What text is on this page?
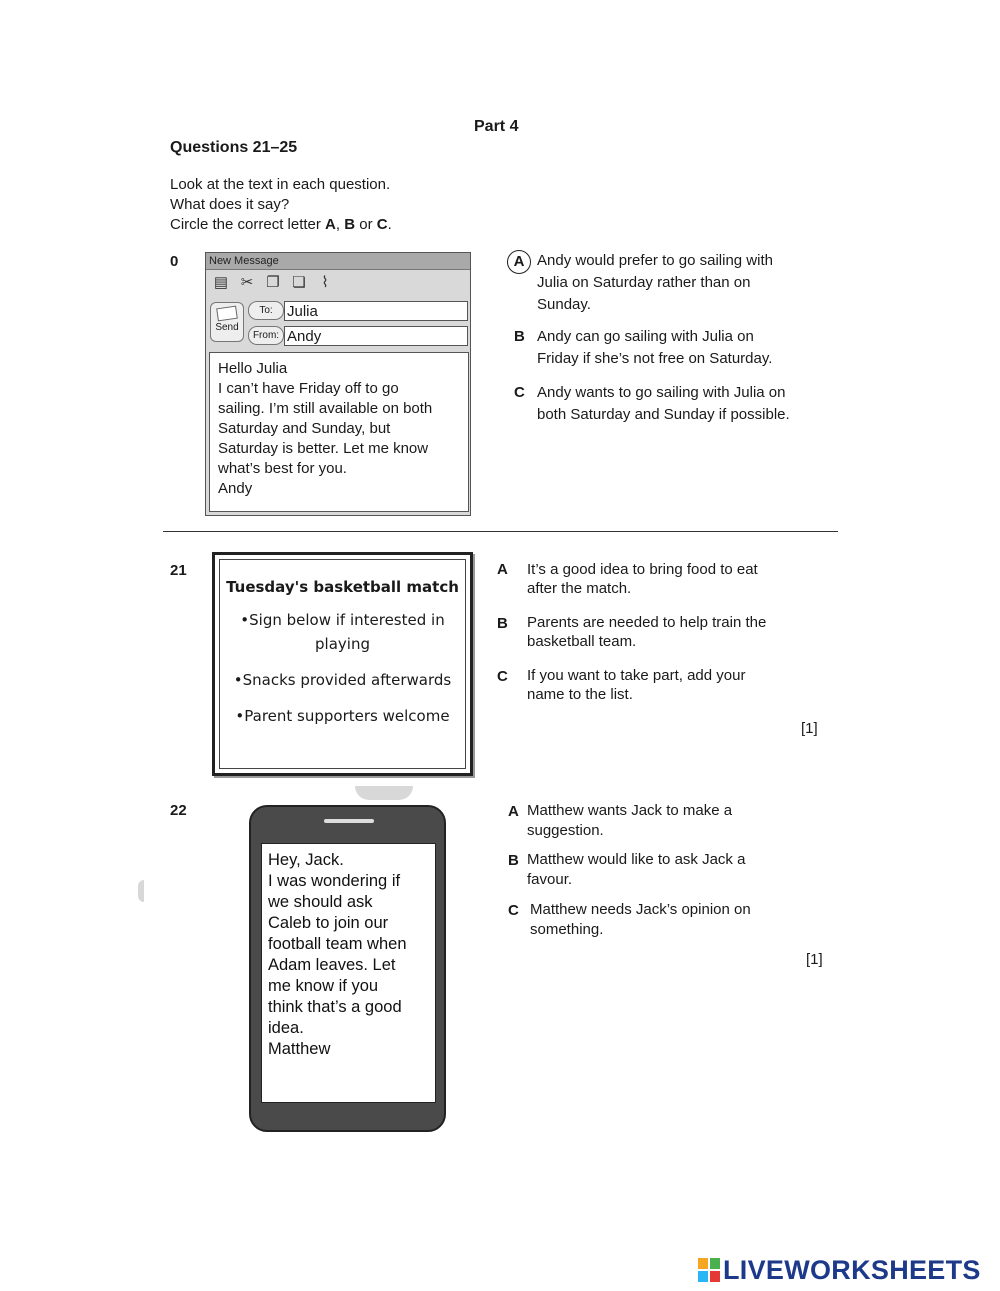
Part 4
Questions 21–25
Look at the text in each question.
What does it say?
Circle the correct letter A, B or C.
0	New Message
▤ ✂ ❐ ❏	⌇
Send
To: Julia
From: Andy
Hello Julia
I can’t have Friday off to go
sailing. I’m still available on both
Saturday and Sunday, but
Saturday is better. Let me know
what’s best for you.
Andy
A Andy would prefer to go sailing with
Julia on Saturday rather than on
Sunday.
B Andy can go sailing with Julia on
Friday if she’s not free on Saturday.
C Andy wants to go sailing with Julia on
both Saturday and Sunday if possible.
21
Tuesday's basketball match
•Sign below if interested in
playing
•Snacks provided afterwards
•Parent supporters welcome
A It’s a good idea to bring food to eat
after the match.
B Parents are needed to help train the
basketball team.
C If you want to take part, add your
name to the list.
[1]
22
Hey, Jack.
I was wondering if
we should ask
Caleb to join our
football team when
Adam leaves. Let
me know if you
think that’s a good
idea.
Matthew
A Matthew wants Jack to make a
suggestion.
B Matthew would like to ask Jack a
favour.
C Matthew needs Jack’s opinion on
something.
[1]
LIVEWORKSHEETS
